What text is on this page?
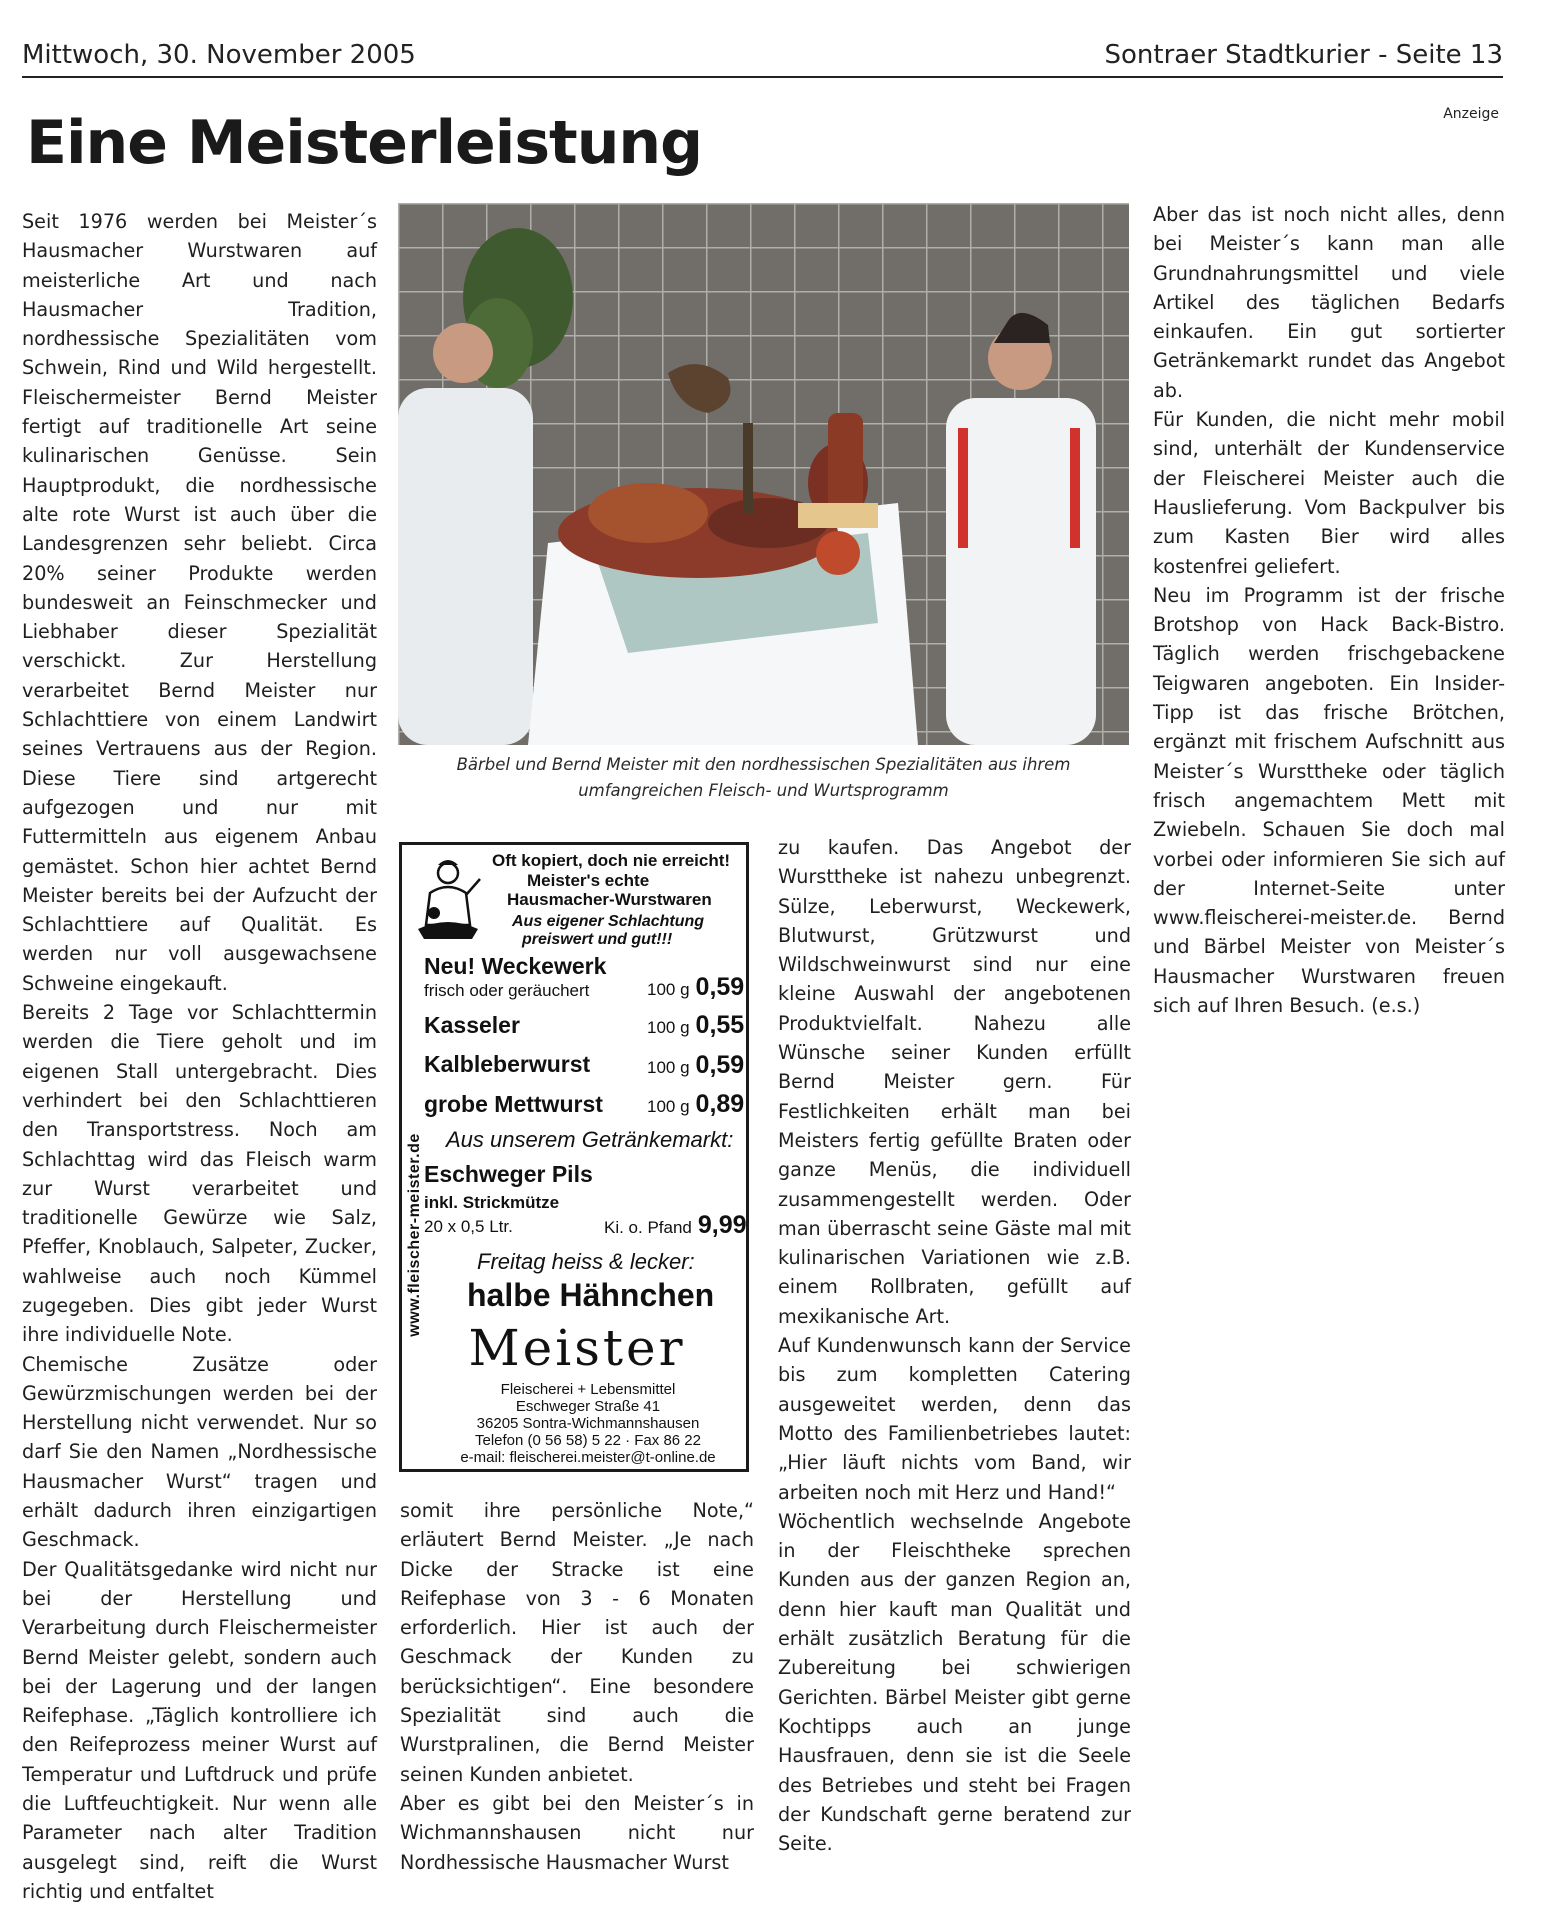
Mittwoch, 30. November 2005	Sontraer Stadtkurier - Seite 13
Eine Meisterleistung	Anzeige

Seit 1976 werden bei Meister´s Hausmacher Wurstwaren auf meisterliche Art und nach Hausmacher Tradition, nordhessische Spezialitäten vom Schwein, Rind und Wild hergestellt. Fleischermeister Bernd Meister fertigt auf traditionelle Art seine kulinarischen Genüsse. Sein Hauptprodukt, die nordhessische alte rote Wurst ist auch über die Landesgrenzen sehr beliebt. Circa 20% seiner Produkte werden bundesweit an Feinschmecker und Liebhaber dieser Spezialität verschickt. Zur Herstellung verarbeitet Bernd Meister nur Schlachttiere von einem Landwirt seines Vertrauens aus der Region. Diese Tiere sind artgerecht aufgezogen und nur mit Futtermitteln aus eigenem Anbau gemästet. Schon hier achtet Bernd Meister bereits bei der Aufzucht der Schlachttiere auf Qualität. Es werden nur voll ausgewachsene Schweine eingekauft.

Bereits 2 Tage vor Schlachttermin werden die Tiere geholt und im eigenen Stall untergebracht. Dies verhindert bei den Schlachttieren den Transportstress. Noch am Schlachttag wird das Fleisch warm zur Wurst verarbeitet und traditionelle Gewürze wie Salz, Pfeffer, Knoblauch, Salpeter, Zucker, wahlweise auch noch Kümmel zugegeben. Dies gibt jeder Wurst ihre individuelle Note.

Chemische Zusätze oder Gewürzmischungen werden bei der Herstellung nicht verwendet. Nur so darf Sie den Namen „Nordhessische Hausmacher Wurst“ tragen und erhält dadurch ihren einzigartigen Geschmack.

Der Qualitätsgedanke wird nicht nur bei der Herstellung und Verarbeitung durch Fleischermeister Bernd Meister gelebt, sondern auch bei der Lagerung und der langen Reifephase. „Täglich kontrolliere ich den Reifeprozess meiner Wurst auf Temperatur und Luftdruck und prüfe die Luftfeuchtigkeit. Nur wenn alle Parameter nach alter Tradition ausgelegt sind, reift die Wurst richtig und entfaltet

Bärbel und Bernd Meister mit den nordhessischen Spezialitäten aus ihrem
umfangreichen Fleisch- und Wurtsprogramm
www.fleischer-meister.de
Oft kopiert, doch nie erreicht!
Meister's echte
Hausmacher-Wurstwaren
Aus eigener Schlachtung
preiswert und gut!!!
Neu! Weckewerk
frisch oder geräuchert	100 g 0,59
Kasseler	100 g 0,55
Kalbleberwurst	100 g 0,59
grobe Mettwurst	100 g 0,89
Aus unserem Getränkemarkt:
Eschweger Pils
inkl. Strickmütze
20 x 0,5 Ltr.	Ki. o. Pfand 9,99
Freitag heiss & lecker:
halbe Hähnchen
Meister
Fleischerei + Lebensmittel
Eschweger Straße 41
36205 Sontra-Wichmannshausen
Telefon (0 56 58) 5 22 · Fax 86 22
e-mail: fleischerei.meister@t-online.de

somit ihre persönliche Note,“ erläutert Bernd Meister. „Je nach Dicke der Stracke ist eine Reifephase von 3 - 6 Monaten erforderlich. Hier ist auch der Geschmack der Kunden zu berücksichtigen“. Eine besondere Spezialität sind auch die Wurstpralinen, die Bernd Meister seinen Kunden anbietet.

Aber es gibt bei den Meister´s in Wichmannshausen nicht nur Nordhessische Hausmacher Wurst

zu kaufen. Das Angebot der Wursttheke ist nahezu unbegrenzt. Sülze, Leberwurst, Weckewerk, Blutwurst, Grützwurst und Wildschweinwurst sind nur eine kleine Auswahl der angebotenen Produktvielfalt. Nahezu alle Wünsche seiner Kunden erfüllt Bernd Meister gern. Für Festlichkeiten erhält man bei Meisters fertig gefüllte Braten oder ganze Menüs, die individuell zusammengestellt werden. Oder man überrascht seine Gäste mal mit kulinarischen Variationen wie z.B. einem Rollbraten, gefüllt auf mexikanische Art.

Auf Kundenwunsch kann der Service bis zum kompletten Catering ausgeweitet werden, denn das Motto des Familienbetriebes lautet: „Hier läuft nichts vom Band, wir arbeiten noch mit Herz und Hand!“

Wöchentlich wechselnde Angebote in der Fleischtheke sprechen Kunden aus der ganzen Region an, denn hier kauft man Qualität und erhält zusätzlich Beratung für die Zubereitung bei schwierigen Gerichten. Bärbel Meister gibt gerne Kochtipps auch an junge Hausfrauen, denn sie ist die Seele des Betriebes und steht bei Fragen der Kundschaft gerne beratend zur Seite.

Aber das ist noch nicht alles, denn bei Meister´s kann man alle Grundnahrungsmittel und viele Artikel des täglichen Bedarfs einkaufen. Ein gut sortierter Getränkemarkt rundet das Angebot ab.

Für Kunden, die nicht mehr mobil sind, unterhält der Kundenservice der Fleischerei Meister auch die Hauslieferung. Vom Backpulver bis zum Kasten Bier wird alles kostenfrei geliefert.

Neu im Programm ist der frische Brotshop von Hack Back-Bistro. Täglich werden frischgebackene Teigwaren angeboten. Ein Insider-Tipp ist das frische Brötchen, ergänzt mit frischem Aufschnitt aus Meister´s Wursttheke oder täglich frisch angemachtem Mett mit Zwiebeln. Schauen Sie doch mal vorbei oder informieren Sie sich auf der Internet-Seite unter www.fleischerei-meister.de. Bernd und Bärbel Meister von Meister´s Hausmacher Wurstwaren freuen sich auf Ihren Besuch. (e.s.)
